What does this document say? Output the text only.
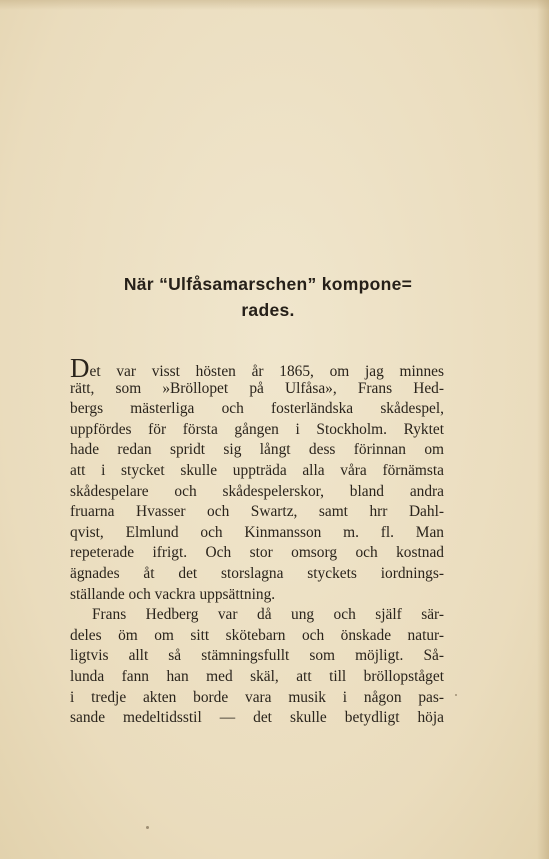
När “Ulfåsamarschen” kompone=
rades.
Det var visst hösten år 1865, om jag minnes
rätt, som »Bröllopet på Ulfåsa», Frans Hed-
bergs mästerliga och fosterländska skådespel,
uppfördes för första gången i Stockholm. Ryktet
hade redan spridt sig långt dess förinnan om
att i stycket skulle uppträda alla våra förnämsta
skådespelare och skådespelerskor, bland andra
fruarna Hvasser och Swartz, samt hrr Dahl-
qvist, Elmlund och Kinmansson m. fl. Man
repeterade ifrigt. Och stor omsorg och kostnad
ägnades åt det storslagna styckets iordnings-
ställande och vackra uppsättning.
Frans Hedberg var då ung och själf sär-
deles öm om sitt skötebarn och önskade natur-
ligtvis allt så stämningsfullt som möjligt. Så-
lunda fann han med skäl, att till bröllopståget
i tredje akten borde vara musik i någon pas-
sande medeltidsstil — det skulle betydligt höja
